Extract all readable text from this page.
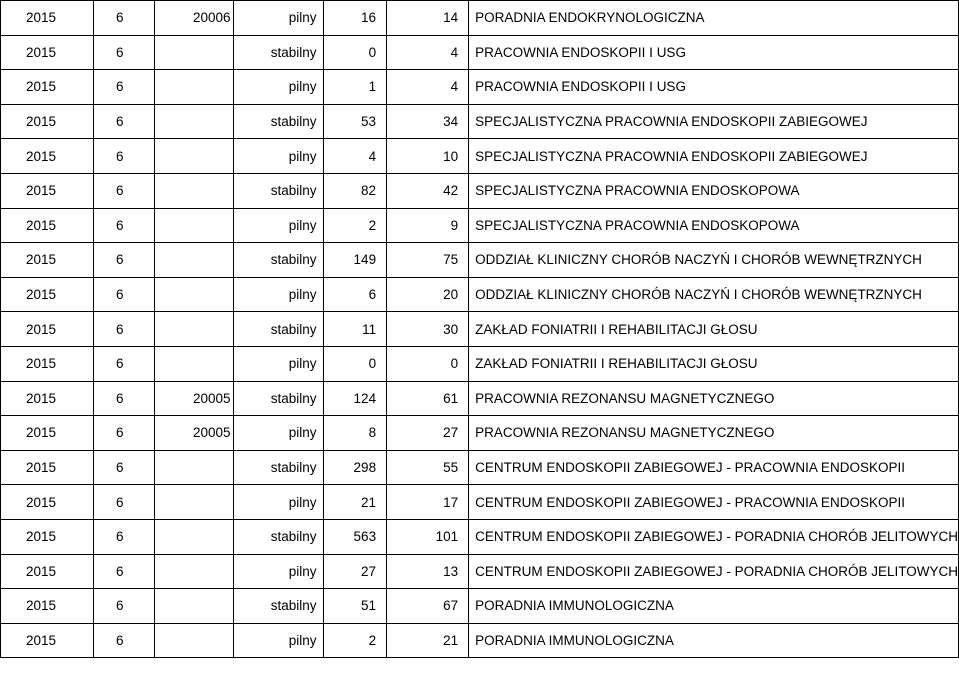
2015	6	20006	pilny	16	14	PORADNIA ENDOKRYNOLOGICZNA
2015	6		stabilny	0	4	PRACOWNIA ENDOSKOPII I USG
2015	6		pilny	1	4	PRACOWNIA ENDOSKOPII I USG
2015	6		stabilny	53	34	SPECJALISTYCZNA PRACOWNIA ENDOSKOPII ZABIEGOWEJ
2015	6		pilny	4	10	SPECJALISTYCZNA PRACOWNIA ENDOSKOPII ZABIEGOWEJ
2015	6		stabilny	82	42	SPECJALISTYCZNA PRACOWNIA ENDOSKOPOWA
2015	6		pilny	2	9	SPECJALISTYCZNA PRACOWNIA ENDOSKOPOWA
2015	6		stabilny	149	75	ODDZIAŁ KLINICZNY CHORÓB NACZYŃ I CHORÓB WEWNĘTRZNYCH
2015	6		pilny	6	20	ODDZIAŁ KLINICZNY CHORÓB NACZYŃ I CHORÓB WEWNĘTRZNYCH
2015	6		stabilny	11	30	ZAKŁAD FONIATRII I REHABILITACJI GŁOSU
2015	6		pilny	0	0	ZAKŁAD FONIATRII I REHABILITACJI GŁOSU
2015	6	20005	stabilny	124	61	PRACOWNIA REZONANSU MAGNETYCZNEGO
2015	6	20005	pilny	8	27	PRACOWNIA REZONANSU MAGNETYCZNEGO
2015	6		stabilny	298	55	CENTRUM ENDOSKOPII ZABIEGOWEJ - PRACOWNIA ENDOSKOPII
2015	6		pilny	21	17	CENTRUM ENDOSKOPII ZABIEGOWEJ - PRACOWNIA ENDOSKOPII
2015	6		stabilny	563	101	CENTRUM ENDOSKOPII ZABIEGOWEJ - PORADNIA CHORÓB JELITOWYCH
2015	6		pilny	27	13	CENTRUM ENDOSKOPII ZABIEGOWEJ - PORADNIA CHORÓB JELITOWYCH
2015	6		stabilny	51	67	PORADNIA IMMUNOLOGICZNA
2015	6		pilny	2	21	PORADNIA IMMUNOLOGICZNA
